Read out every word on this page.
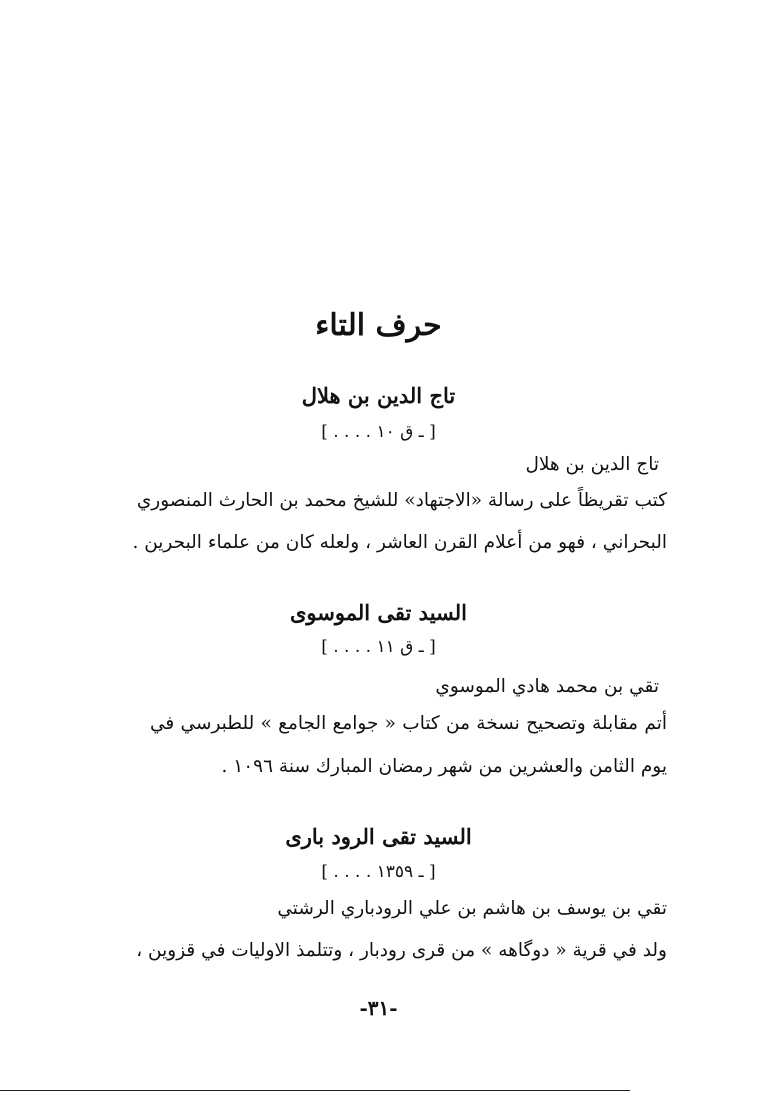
حرف التاء
تاج الدين بن هلال

[ . . . . ـ ق ١٠ ]

تاج الدين بن هلال

كتب تقريظاً على رسالة «الاجتهاد» للشيخ محمد بن الحارث المنصوري

البحراني ، فهو من أعلام القرن العاشر ، ولعله كان من علماء البحرين .

السيد تقى الموسوى

[ . . . . ـ ق ١١ ]

تقي بن محمد هادي الموسوي

أتم مقابلة وتصحيح نسخة من كتاب « جوامع الجامع » للطبرسي في

يوم الثامن والعشرين من شهر رمضان المبارك سنة ١٠٩٦ .

السيد تقى الرود بارى

[ . . . . ـ ١٣٥٩ ]

تقي بن يوسف بن هاشم بن علي الرودباري الرشتي

ولد في قرية « دوگاهه » من قرى رودبار ، وتتلمذ الاوليات في قزوين ،

-٣١-
